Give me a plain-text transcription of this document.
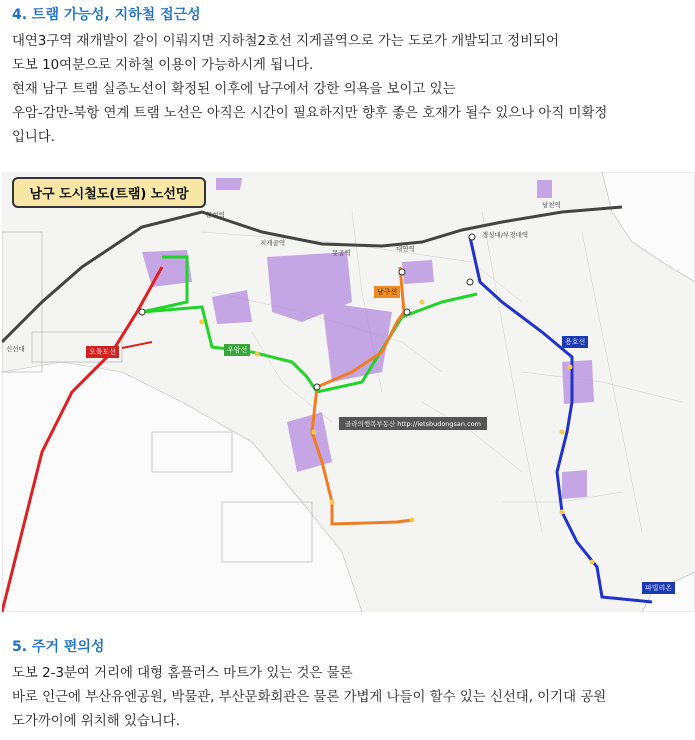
4. 트램 가능성, 지하철 접근성

대연3구역 재개발이 같이 이뤄지면 지하철2호선 지게골역으로 가는 도로가 개발되고 정비되어

도보 10여분으로 지하철 이용이 가능하시게 됩니다.

현재 남구 트램 실증노선이 확정된 이후에 남구에서 강한 의욕을 보이고 있는

우암-감만-북항 연계 트램 노선은 아직은 시간이 필요하지만 향후 좋은 호재가 될수 있으나 아직 미확정

입니다.

남구 도시철도(트램) 노선망
문현역
지게골역
못골역	대연역
남천역
신선대
경성대/부경대역
우암선
남구선
용호선
오륙도선
파빌리온
골라의행복부동산 http://letsbudongsan.com

5. 주거 편의성

도보 2-3분여 거리에 대형 홈플러스 마트가 있는 것은 물론

바로 인근에 부산유엔공원, 박물관, 부산문화회관은 물론 가볍게 나들이 할수 있는 신선대, 이기대 공원

도가까이에 위치해 있습니다.
